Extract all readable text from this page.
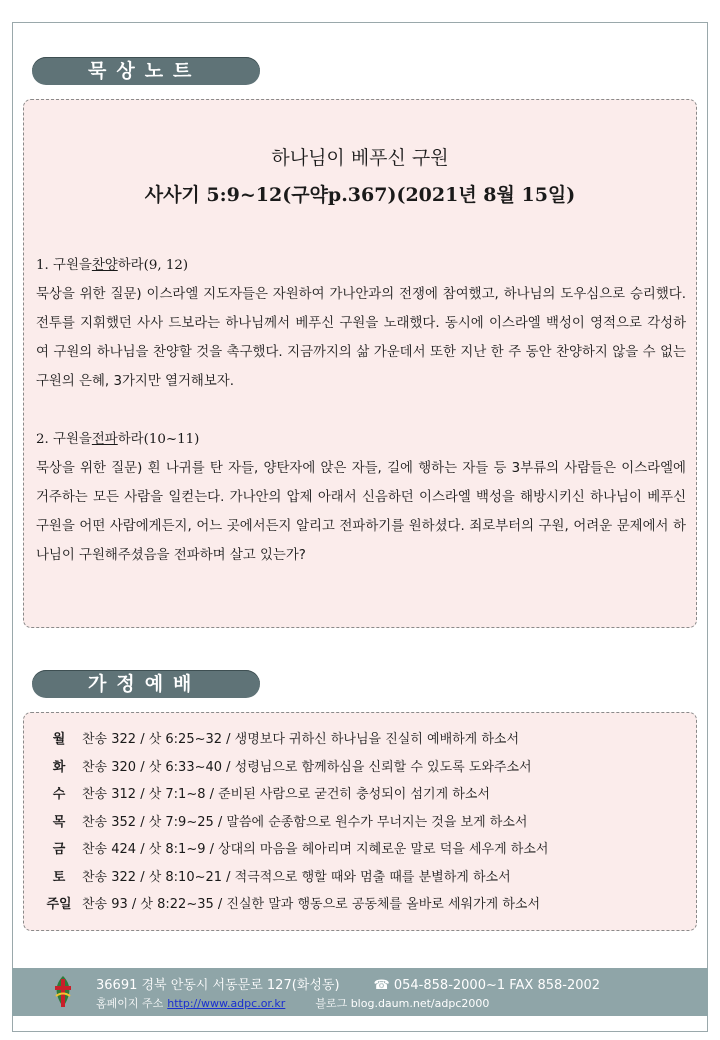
묵상노트
하나님이 베푸신 구원
사사기 5:9~12(구약p.367)(2021년 8월 15일)
1. 구원을찬양하라(9, 12)
묵상을 위한 질문) 이스라엘 지도자들은 자원하여 가나안과의 전쟁에 참여했고, 하나님의 도우심으로 승리했다. 전투를 지휘했던 사사 드보라는 하나님께서 베푸신 구원을 노래했다. 동시에 이스라엘 백성이 영적으로 각성하여 구원의 하나님을 찬양할 것을 촉구했다. 지금까지의 삶 가운데서 또한 지난 한 주 동안 찬양하지 않을 수 없는 구원의 은혜, 3가지만 열거해보자.
2. 구원을전파하라(10~11)
묵상을 위한 질문) 흰 나귀를 탄 자들, 양탄자에 앉은 자들, 길에 행하는 자들 등 3부류의 사람들은 이스라엘에 거주하는 모든 사람을 일컫는다. 가나안의 압제 아래서 신음하던 이스라엘 백성을 해방시키신 하나님이 베푸신 구원을 어떤 사람에게든지, 어느 곳에서든지 알리고 전파하기를 원하셨다. 죄로부터의 구원, 어려운 문제에서 하나님이 구원해주셨음을 전파하며 살고 있는가?
가정예배
월 찬송 322 / 삿 6:25~32 / 생명보다 귀하신 하나님을 진실히 예배하게 하소서
화 찬송 320 / 삿 6:33~40 / 성령님으로 함께하심을 신뢰할 수 있도록 도와주소서
수 찬송 312 / 삿 7:1~8 / 준비된 사람으로 굳건히 충성되이 섬기게 하소서
목 찬송 352 / 삿 7:9~25 / 말씀에 순종함으로 원수가 무너지는 것을 보게 하소서
금 찬송 424 / 삿 8:1~9 / 상대의 마음을 헤아리며 지혜로운 말로 덕을 세우게 하소서
토 찬송 322 / 삿 8:10~21 / 적극적으로 행할 때와 멈출 때를 분별하게 하소서
주일 찬송 93 / 삿 8:22~35 / 진실한 말과 행동으로 공동체를 올바로 세워가게 하소서
36691 경북 안동시 서동문로 127(화성동)	☎ 054-858-2000~1 FAX 858-2002
홈페이지 주소 http://www.adpc.or.kr	블로그 blog.daum.net/adpc2000
